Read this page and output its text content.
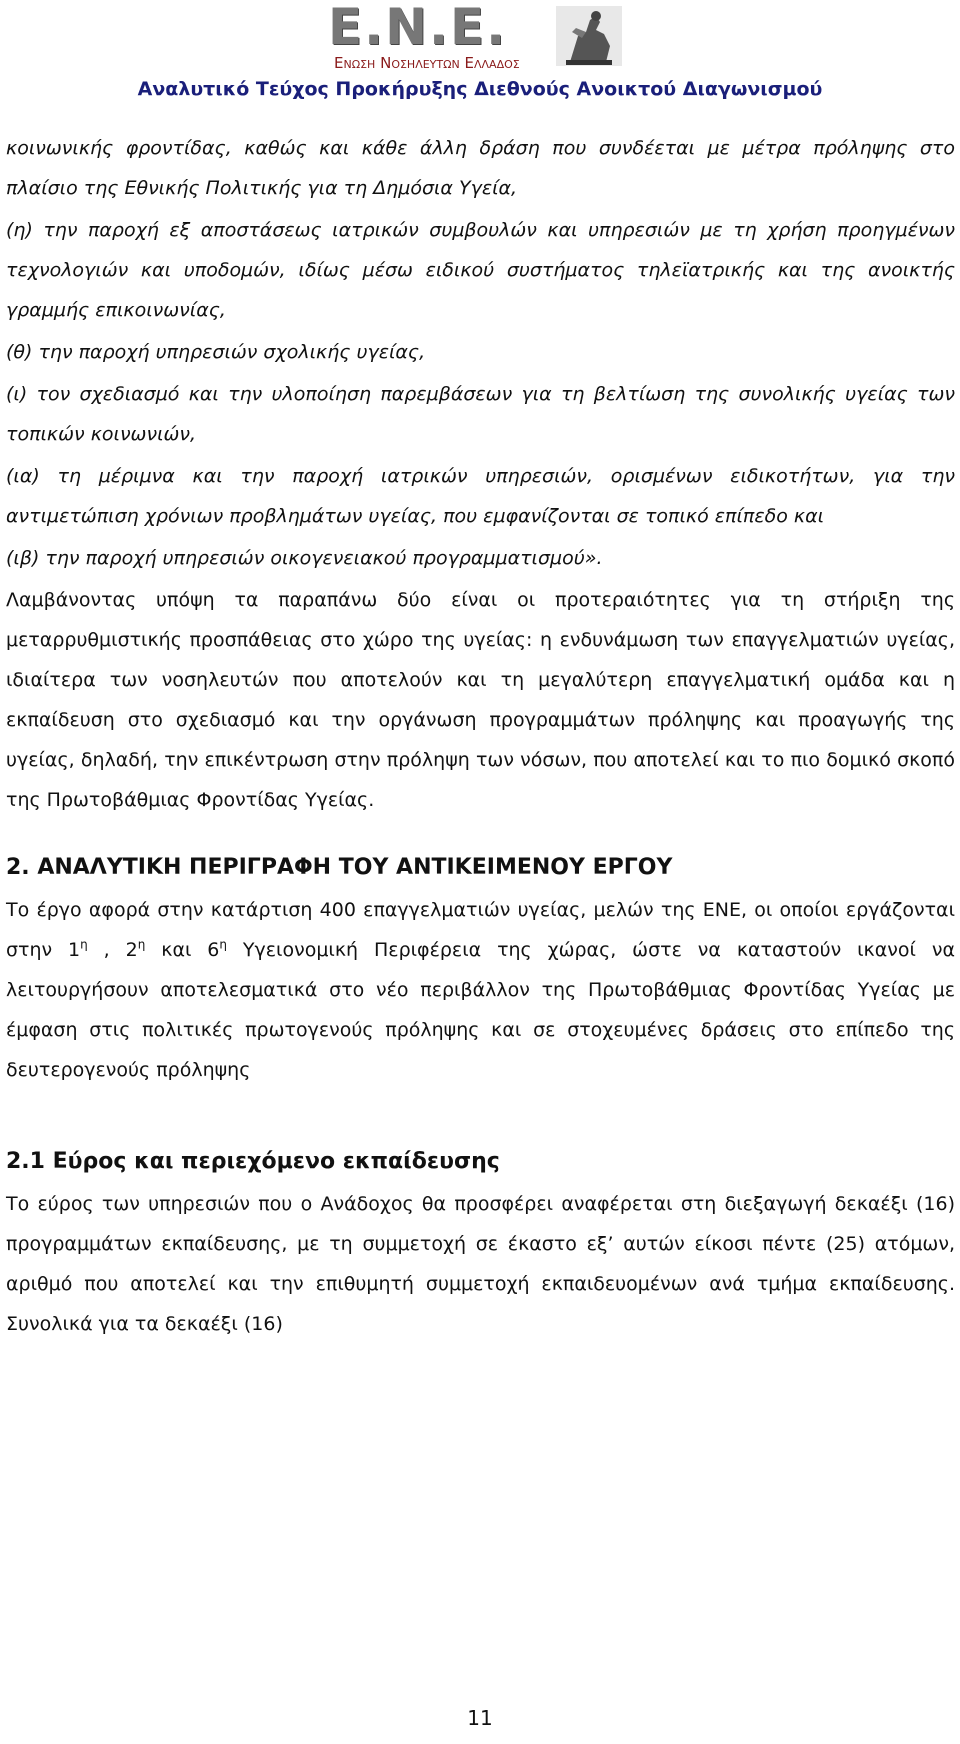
E.N.E.
Ενωση Νοσηλευτων Ελλαδος
Αναλυτικό Τεύχος Προκήρυξης Διεθνούς Ανοικτού Διαγωνισμού

κοινωνικής φροντίδας, καθώς και κάθε άλλη δράση που συνδέεται με μέτρα πρόληψης στο πλαίσιο της Εθνικής Πολιτικής για τη Δημόσια Υγεία,

(η) την παροχή εξ αποστάσεως ιατρικών συμβουλών και υπηρεσιών με τη χρήση προηγμένων τεχνολογιών και υποδομών, ιδίως μέσω ειδικού συστήματος τηλεϊατρικής και της ανοικτής γραμμής επικοινωνίας,

(θ) την παροχή υπηρεσιών σχολικής υγείας,

(ι) τον σχεδιασμό και την υλοποίηση παρεμβάσεων για τη βελτίωση της συνολικής υγείας των τοπικών κοινωνιών,

(ια) τη μέριμνα και την παροχή ιατρικών υπηρεσιών, ορισμένων ειδικοτήτων, για την αντιμετώπιση χρόνιων προβλημάτων υγείας, που εμφανίζονται σε τοπικό επίπεδο και

(ιβ) την παροχή υπηρεσιών οικογενειακού προγραμματισμού».

Λαμβάνοντας υπόψη τα παραπάνω δύο είναι οι προτεραιότητες για τη στήριξη της μεταρρυθμιστικής προσπάθειας στο χώρο της υγείας: η ενδυνάμωση των επαγγελματιών υγείας, ιδιαίτερα των νοσηλευτών που αποτελούν και τη μεγαλύτερη επαγγελματική ομάδα και η εκπαίδευση στο σχεδιασμό και την οργάνωση προγραμμάτων πρόληψης και προαγωγής της υγείας, δηλαδή, την επικέντρωση στην πρόληψη των νόσων, που αποτελεί και το πιο δομικό σκοπό της Πρωτοβάθμιας Φροντίδας Υγείας.

2. ΑΝΑΛΥΤΙΚΗ ΠΕΡΙΓΡΑΦΗ ΤΟΥ ΑΝΤΙΚΕΙΜΕΝΟΥ ΕΡΓΟΥ

Το έργο αφορά στην κατάρτιση 400 επαγγελματιών υγείας, μελών της ΕΝΕ, οι οποίοι εργάζονται στην $1^\eta$ , $2^\eta$ και $6^\eta$ Υγειονομική Περιφέρεια της χώρας, ώστε να καταστούν ικανοί να λειτουργήσουν αποτελεσματικά στο νέο περιβάλλον της Πρωτοβάθμιας Φροντίδας Υγείας με έμφαση στις πολιτικές πρωτογενούς πρόληψης και σε στοχευμένες δράσεις στο επίπεδο της δευτερογενούς πρόληψης

2.1 Εύρος και περιεχόμενο εκπαίδευσης

Το εύρος των υπηρεσιών που ο Ανάδοχος θα προσφέρει αναφέρεται στη διεξαγωγή δεκαέξι (16) προγραμμάτων εκπαίδευσης, με τη συμμετοχή σε έκαστο εξ’ αυτών είκοσι πέντε (25) ατόμων, αριθμό που αποτελεί και την επιθυμητή συμμετοχή εκπαιδευομένων ανά τμήμα εκπαίδευσης. Συνολικά για τα δεκαέξι (16)

11
